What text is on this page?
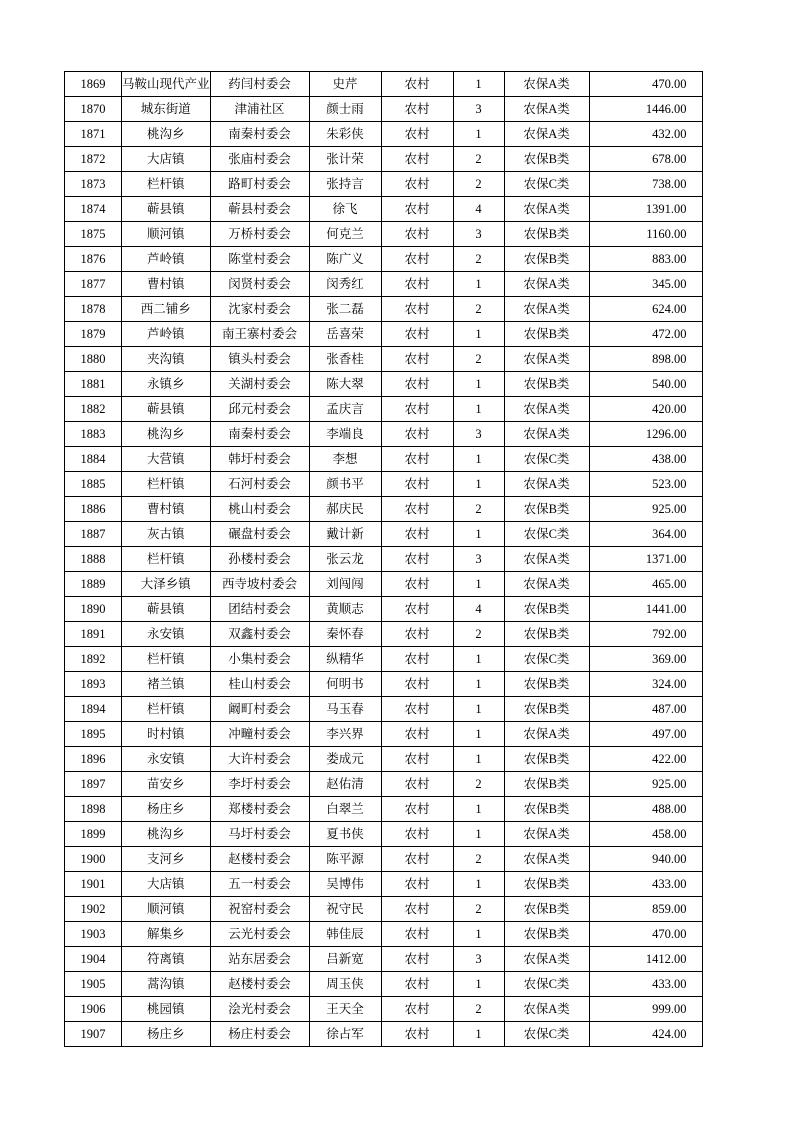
1869	马鞍山现代产业	药闫村委会	史芹	农村	1	农保A类	470.00
1870	城东街道	津浦社区	颜士雨	农村	3	农保A类	1446.00
1871	桃沟乡	南秦村委会	朱彩侠	农村	1	农保A类	432.00
1872	大店镇	张庙村委会	张计荣	农村	2	农保B类	678.00
1873	栏杆镇	路町村委会	张持言	农村	2	农保C类	738.00
1874	蕲县镇	蕲县村委会	徐飞	农村	4	农保A类	1391.00
1875	顺河镇	万桥村委会	何克兰	农村	3	农保B类	1160.00
1876	芦岭镇	陈堂村委会	陈广义	农村	2	农保B类	883.00
1877	曹村镇	闵贤村委会	闵秀红	农村	1	农保A类	345.00
1878	西二铺乡	沈家村委会	张二磊	农村	2	农保A类	624.00
1879	芦岭镇	南王寨村委会	岳喜荣	农村	1	农保B类	472.00
1880	夹沟镇	镇头村委会	张香桂	农村	2	农保A类	898.00
1881	永镇乡	关湖村委会	陈大翠	农村	1	农保B类	540.00
1882	蕲县镇	邱元村委会	孟庆言	农村	1	农保A类	420.00
1883	桃沟乡	南秦村委会	李端良	农村	3	农保A类	1296.00
1884	大营镇	韩圩村委会	李想	农村	1	农保C类	438.00
1885	栏杆镇	石河村委会	颜书平	农村	1	农保A类	523.00
1886	曹村镇	桃山村委会	郝庆民	农村	2	农保B类	925.00
1887	灰古镇	碾盘村委会	戴计新	农村	1	农保C类	364.00
1888	栏杆镇	孙楼村委会	张云龙	农村	3	农保A类	1371.00
1889	大泽乡镇	西寺坡村委会	刘闯闯	农村	1	农保A类	465.00
1890	蕲县镇	团结村委会	黄顺志	农村	4	农保B类	1441.00
1891	永安镇	双鑫村委会	秦怀春	农村	2	农保B类	792.00
1892	栏杆镇	小集村委会	纵精华	农村	1	农保C类	369.00
1893	褚兰镇	桂山村委会	何明书	农村	1	农保B类	324.00
1894	栏杆镇	阚町村委会	马玉春	农村	1	农保B类	487.00
1895	时村镇	冲疃村委会	李兴界	农村	1	农保A类	497.00
1896	永安镇	大许村委会	娄成元	农村	1	农保B类	422.00
1897	苗安乡	李圩村委会	赵佑清	农村	2	农保B类	925.00
1898	杨庄乡	郑楼村委会	白翠兰	农村	1	农保B类	488.00
1899	桃沟乡	马圩村委会	夏书侠	农村	1	农保A类	458.00
1900	支河乡	赵楼村委会	陈平源	农村	2	农保A类	940.00
1901	大店镇	五一村委会	吴博伟	农村	1	农保B类	433.00
1902	顺河镇	祝窑村委会	祝守民	农村	2	农保B类	859.00
1903	解集乡	云光村委会	韩佳辰	农村	1	农保B类	470.00
1904	符离镇	站东居委会	吕新宽	农村	3	农保A类	1412.00
1905	蒿沟镇	赵楼村委会	周玉侠	农村	1	农保C类	433.00
1906	桃园镇	浍光村委会	王天全	农村	2	农保A类	999.00
1907	杨庄乡	杨庄村委会	徐占军	农村	1	农保C类	424.00
